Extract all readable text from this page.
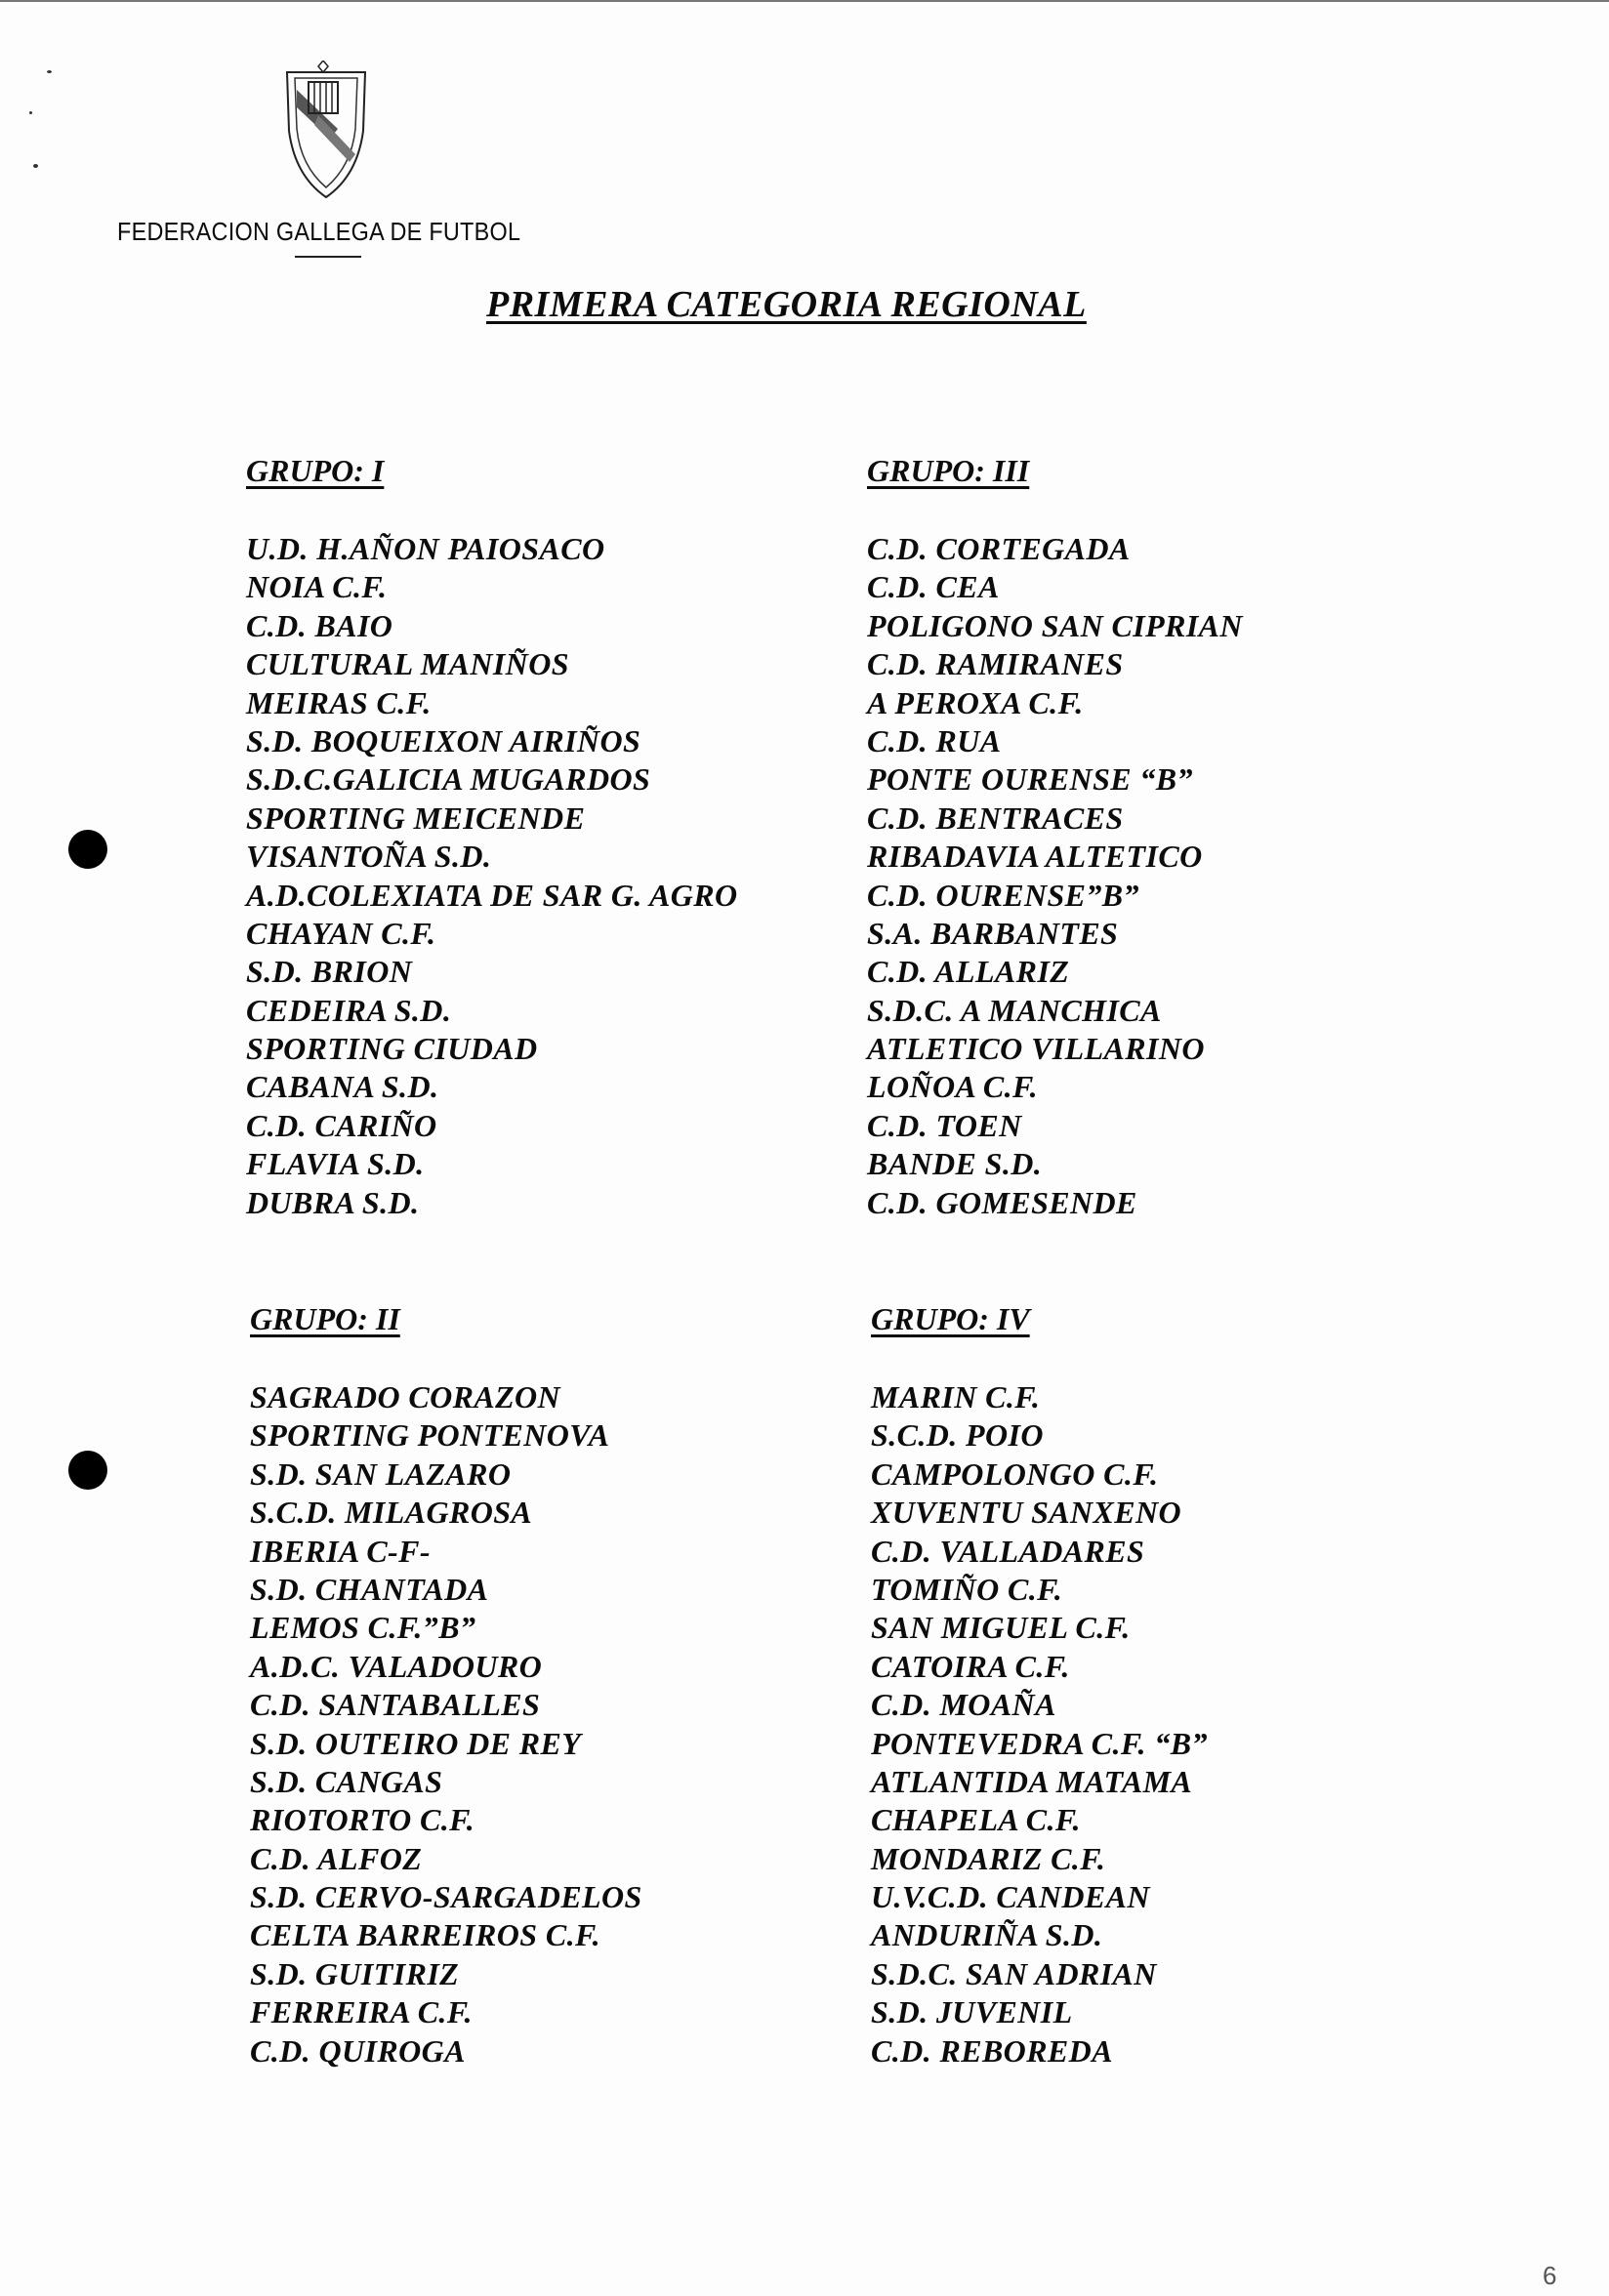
FEDERACION GALLEGA DE FUTBOL
PRIMERA CATEGORIA REGIONAL
GRUPO: I
U.D. H.AÑON PAIOSACO
NOIA C.F.
C.D. BAIO
CULTURAL MANIÑOS
MEIRAS C.F.
S.D. BOQUEIXON AIRIÑOS
S.D.C.GALICIA MUGARDOS
SPORTING MEICENDE
VISANTOÑA S.D.
A.D.COLEXIATA DE SAR G. AGRO
CHAYAN C.F.
S.D. BRION
CEDEIRA S.D.
SPORTING CIUDAD
CABANA S.D.
C.D. CARIÑO
FLAVIA S.D.
DUBRA S.D.
GRUPO: III
C.D. CORTEGADA
C.D. CEA
POLIGONO SAN CIPRIAN
C.D. RAMIRANES
A PEROXA C.F.
C.D. RUA
PONTE OURENSE “B”
C.D. BENTRACES
RIBADAVIA ALTETICO
C.D. OURENSE”B”
S.A. BARBANTES
C.D. ALLARIZ
S.D.C. A MANCHICA
ATLETICO VILLARINO
LOÑOA C.F.
C.D. TOEN
BANDE S.D.
C.D. GOMESENDE
GRUPO: II
SAGRADO CORAZON
SPORTING PONTENOVA
S.D. SAN LAZARO
S.C.D. MILAGROSA
IBERIA C-F-
S.D. CHANTADA
LEMOS C.F.”B”
A.D.C. VALADOURO
C.D. SANTABALLES
S.D. OUTEIRO DE REY
S.D. CANGAS
RIOTORTO C.F.
C.D. ALFOZ
S.D. CERVO-SARGADELOS
CELTA BARREIROS C.F.
S.D. GUITIRIZ
FERREIRA C.F.
C.D. QUIROGA
GRUPO: IV
MARIN C.F.
S.C.D. POIO
CAMPOLONGO C.F.
XUVENTU SANXENO
C.D. VALLADARES
TOMIÑO C.F.
SAN MIGUEL C.F.
CATOIRA C.F.
C.D. MOAÑA
PONTEVEDRA C.F. “B”
ATLANTIDA MATAMA
CHAPELA C.F.
MONDARIZ C.F.
U.V.C.D. CANDEAN
ANDURIÑA S.D.
S.D.C. SAN ADRIAN
S.D. JUVENIL
C.D. REBOREDA
6
